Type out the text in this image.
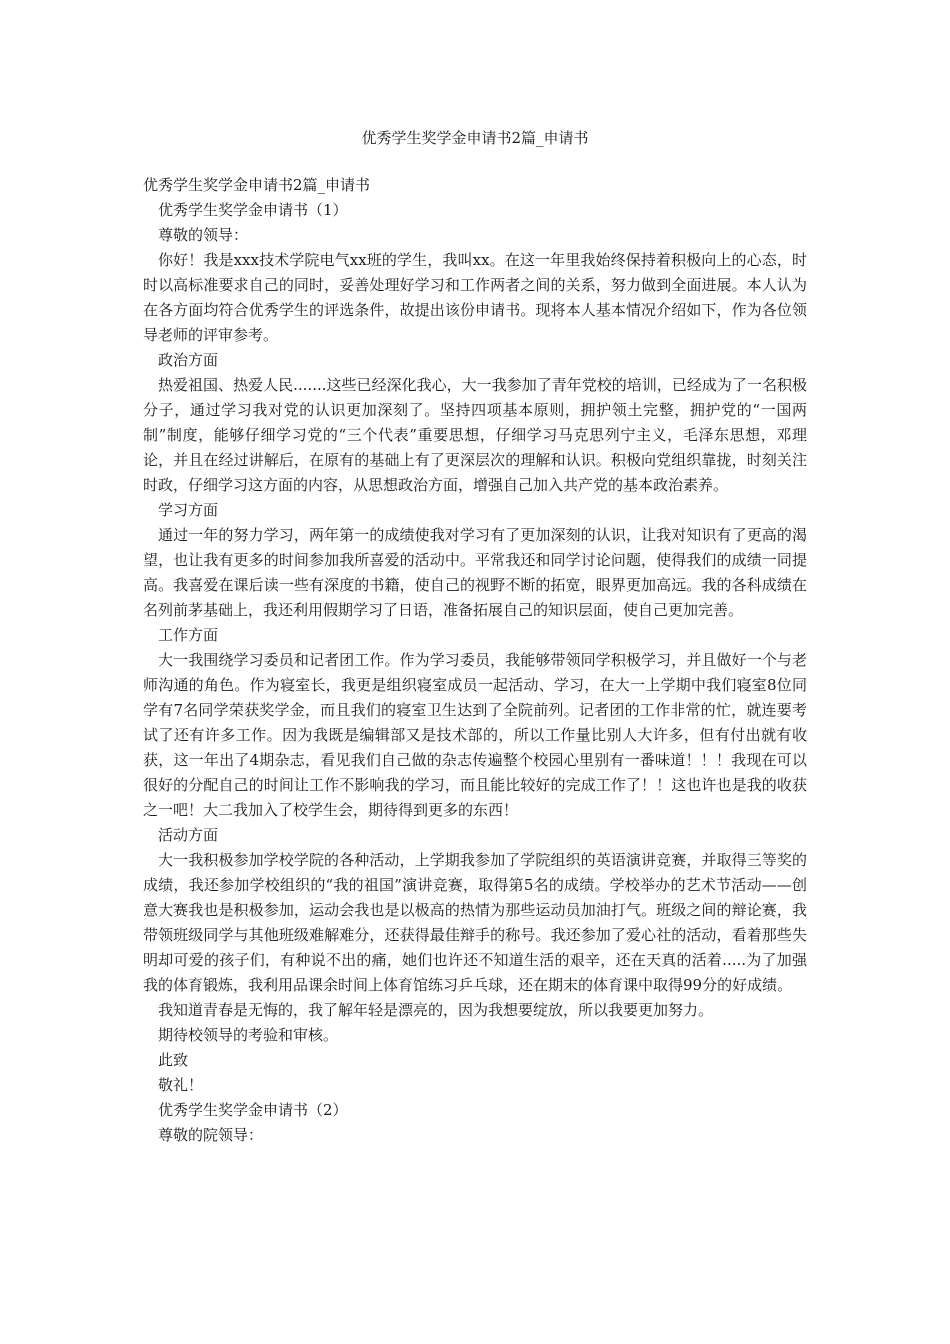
优秀学生奖学金申请书2篇_申请书

优秀学生奖学金申请书2篇_申请书

优秀学生奖学金申请书（1）

尊敬的领导：

你好！我是xxx技术学院电气xx班的学生，我叫xx。在这一年里我始终保持着积极向上的心态，时时以高标准要求自己的同时，妥善处理好学习和工作两者之间的关系，努力做到全面进展。本人认为在各方面均符合优秀学生的评选条件，故提出该份申请书。现将本人基本情况介绍如下，作为各位领导老师的评审参考。

政治方面

热爱祖国、热爱人民.......这些已经深化我心，大一我参加了青年党校的培训，已经成为了一名积极分子，通过学习我对党的认识更加深刻了。坚持四项基本原则，拥护领土完整，拥护党的“一国两制”制度，能够仔细学习党的“三个代表”重要思想，仔细学习马克思列宁主义，毛泽东思想，邓理论，并且在经过讲解后，在原有的基础上有了更深层次的理解和认识。积极向党组织靠拢，时刻关注时政，仔细学习这方面的内容，从思想政治方面，增强自己加入共产党的基本政治素养。

学习方面

通过一年的努力学习，两年第一的成绩使我对学习有了更加深刻的认识，让我对知识有了更高的渴望，也让我有更多的时间参加我所喜爱的活动中。平常我还和同学讨论问题，使得我们的成绩一同提高。我喜爱在课后读一些有深度的书籍，使自己的视野不断的拓宽，眼界更加高远。我的各科成绩在名列前茅基础上，我还利用假期学习了日语，准备拓展自己的知识层面，使自己更加完善。

工作方面

大一我围绕学习委员和记者团工作。作为学习委员，我能够带领同学积极学习，并且做好一个与老师沟通的角色。作为寝室长，我更是组织寝室成员一起活动、学习，在大一上学期中我们寝室8位同学有7名同学荣获奖学金，而且我们的寝室卫生达到了全院前列。记者团的工作非常的忙，就连要考试了还有许多工作。因为我既是编辑部又是技术部的，所以工作量比别人大许多，但有付出就有收获，这一年出了4期杂志，看见我们自己做的杂志传遍整个校园心里别有一番味道！！！我现在可以很好的分配自己的时间让工作不影响我的学习，而且能比较好的完成工作了！！这也许也是我的收获之一吧！大二我加入了校学生会，期待得到更多的东西！

活动方面

大一我积极参加学校学院的各种活动，上学期我参加了学院组织的英语演讲竞赛，并取得三等奖的成绩，我还参加学校组织的“我的祖国”演讲竞赛，取得第5名的成绩。学校举办的艺术节活动——创意大赛我也是积极参加，运动会我也是以极高的热情为那些运动员加油打气。班级之间的辩论赛，我带领班级同学与其他班级难解难分，还获得最佳辩手的称号。我还参加了爱心社的活动，看着那些失明却可爱的孩子们，有种说不出的痛，她们也许还不知道生活的艰辛，还在天真的活着.....为了加强我的体育锻炼，我利用品课余时间上体育馆练习乒乓球，还在期末的体育课中取得99分的好成绩。

我知道青春是无悔的，我了解年轻是漂亮的，因为我想要绽放，所以我要更加努力。

期待校领导的考验和审核。

此致

敬礼！

优秀学生奖学金申请书（2）

尊敬的院领导：
